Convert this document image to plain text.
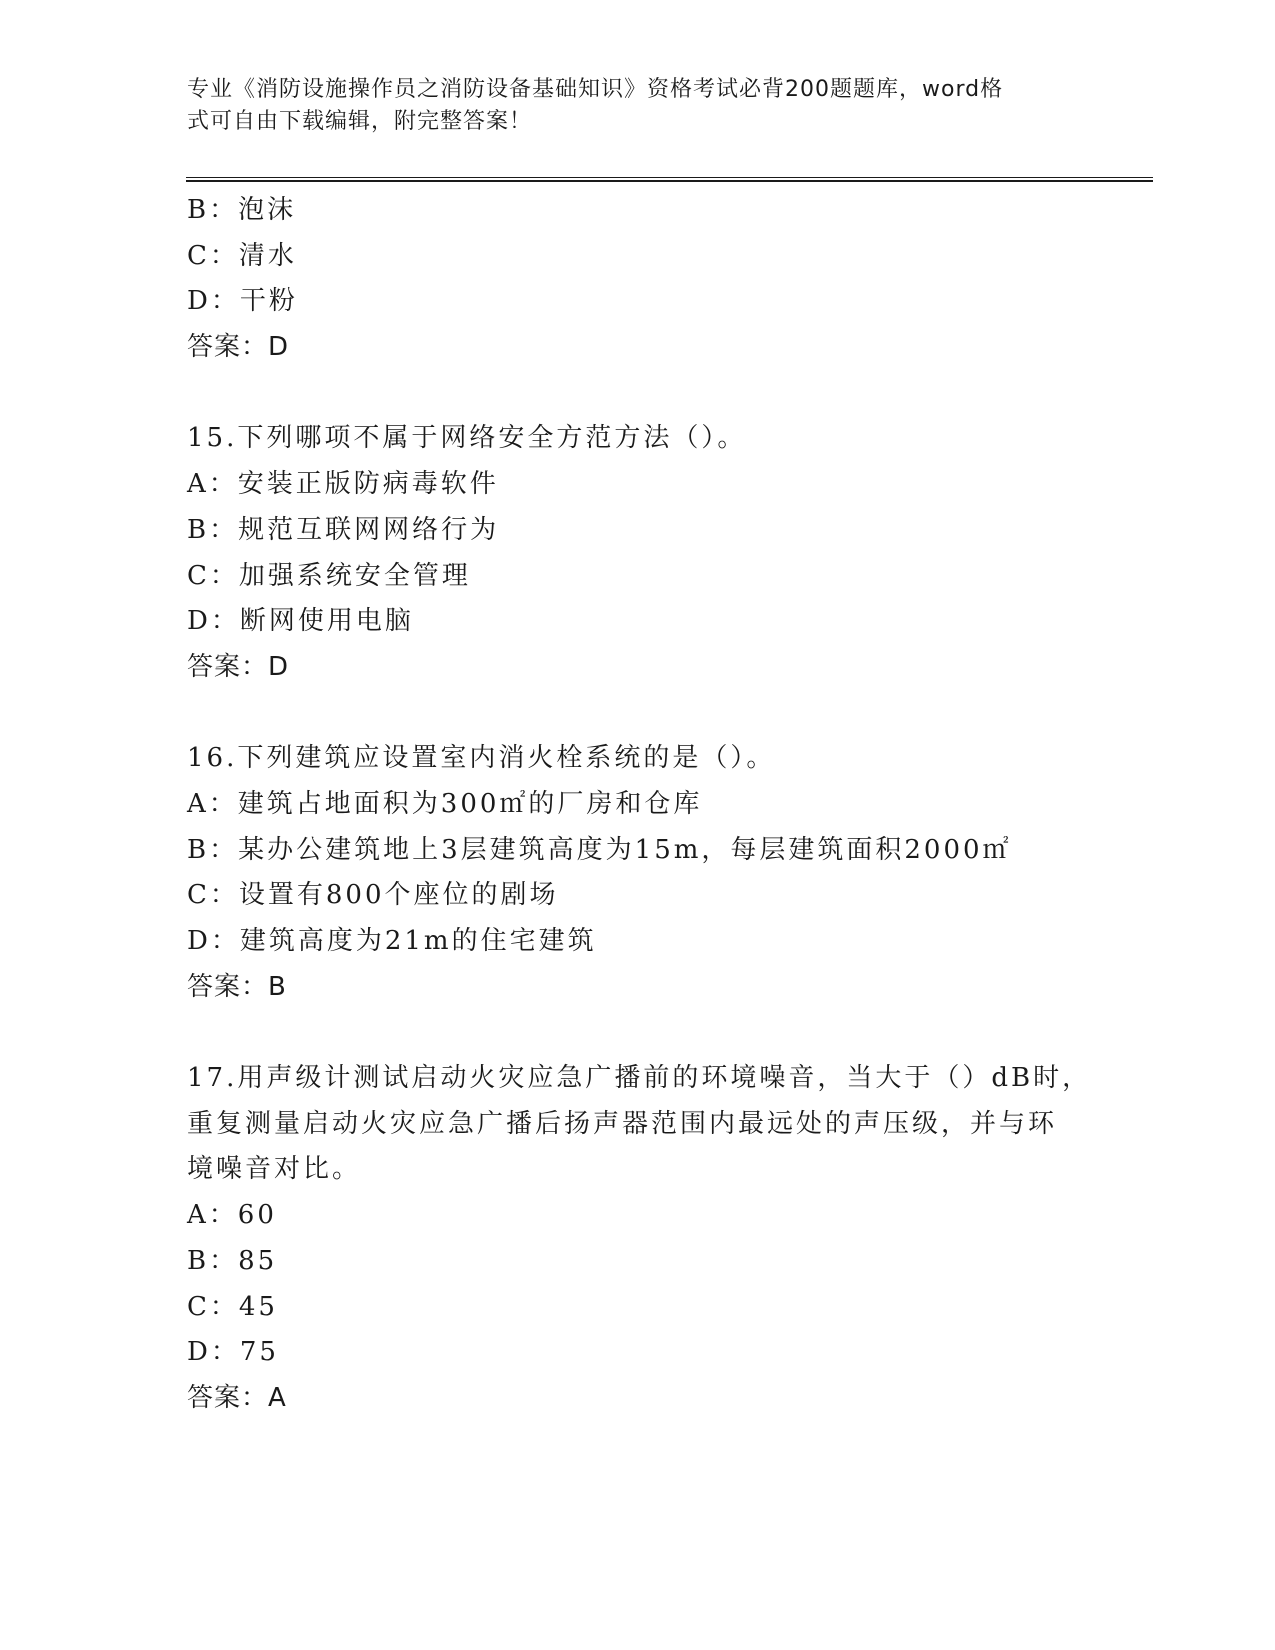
专业《消防设施操作员之消防设备基础知识》资格考试必背200题题库，word格
式可自由下载编辑，附完整答案！
B：泡沫
C：清水
D：干粉
答案：D
15.下列哪项不属于网络安全方范方法（）。
A：安装正版防病毒软件
B：规范互联网网络行为
C：加强系统安全管理
D：断网使用电脑
答案：D
16.下列建筑应设置室内消火栓系统的是（）。
A：建筑占地面积为300㎡的厂房和仓库
B：某办公建筑地上3层建筑高度为15m，每层建筑面积2000㎡
C：设置有800个座位的剧场
D：建筑高度为21m的住宅建筑
答案：B
17.用声级计测试启动火灾应急广播前的环境噪音，当大于（）dB时，
重复测量启动火灾应急广播后扬声器范围内最远处的声压级，并与环
境噪音对比。
A：60
B：85
C：45
D：75
答案：A
